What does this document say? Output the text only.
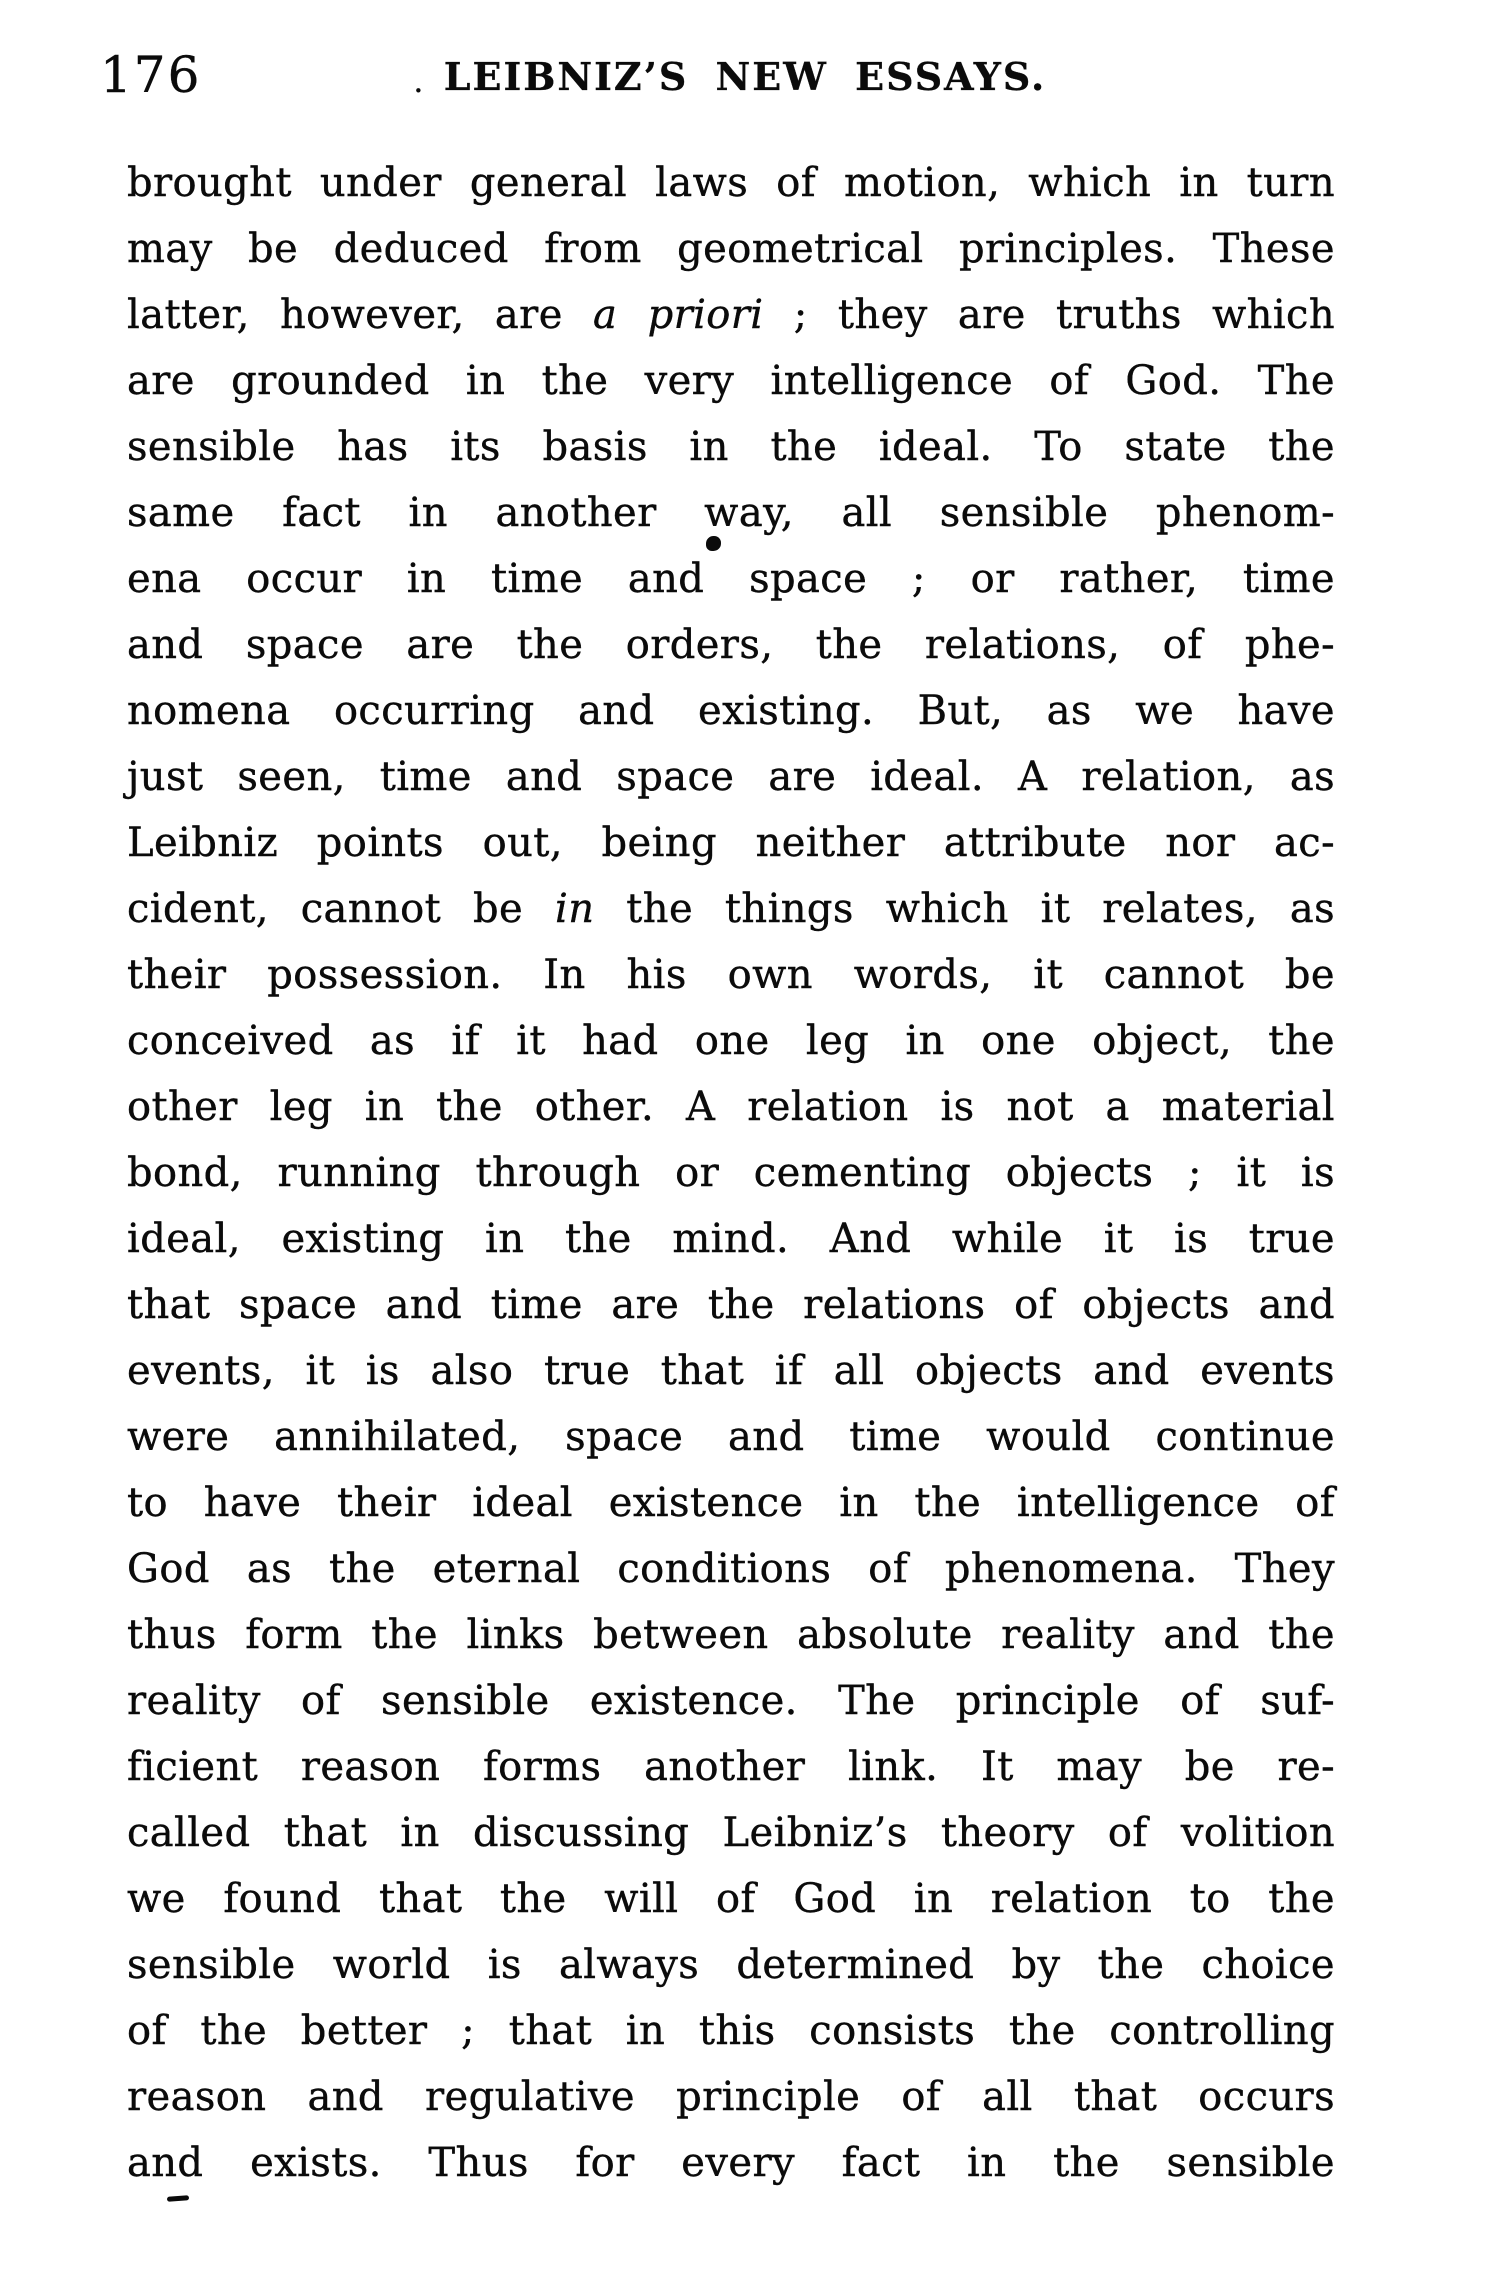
176	· LEIBNIZ’S NEW ESSAYS.
brought under general laws of motion, which in turn
may be deduced from geometrical principles. These
latter, however, are a priori ; they are truths which
are grounded in the very intelligence of God. The
sensible has its basis in the ideal. To state the
same fact in another way, all sensible phenom-
ena occur in time and space ; or rather, time
and space are the orders, the relations, of phe-
nomena occurring and existing. But, as we have
just seen, time and space are ideal. A relation, as
Leibniz points out, being neither attribute nor ac-
cident, cannot be in the things which it relates, as
their possession. In his own words, it cannot be
conceived as if it had one leg in one object, the
other leg in the other. A relation is not a material
bond, running through or cementing objects ; it is
ideal, existing in the mind. And while it is true
that space and time are the relations of objects and
events, it is also true that if all objects and events
were annihilated, space and time would continue
to have their ideal existence in the intelligence of
God as the eternal conditions of phenomena. They
thus form the links between absolute reality and the
reality of sensible existence. The principle of suf-
ficient reason forms another link. It may be re-
called that in discussing Leibniz’s theory of volition
we found that the will of God in relation to the
sensible world is always determined by the choice
of the better ; that in this consists the controlling
reason and regulative principle of all that occurs
and exists. Thus for every fact in the sensible
